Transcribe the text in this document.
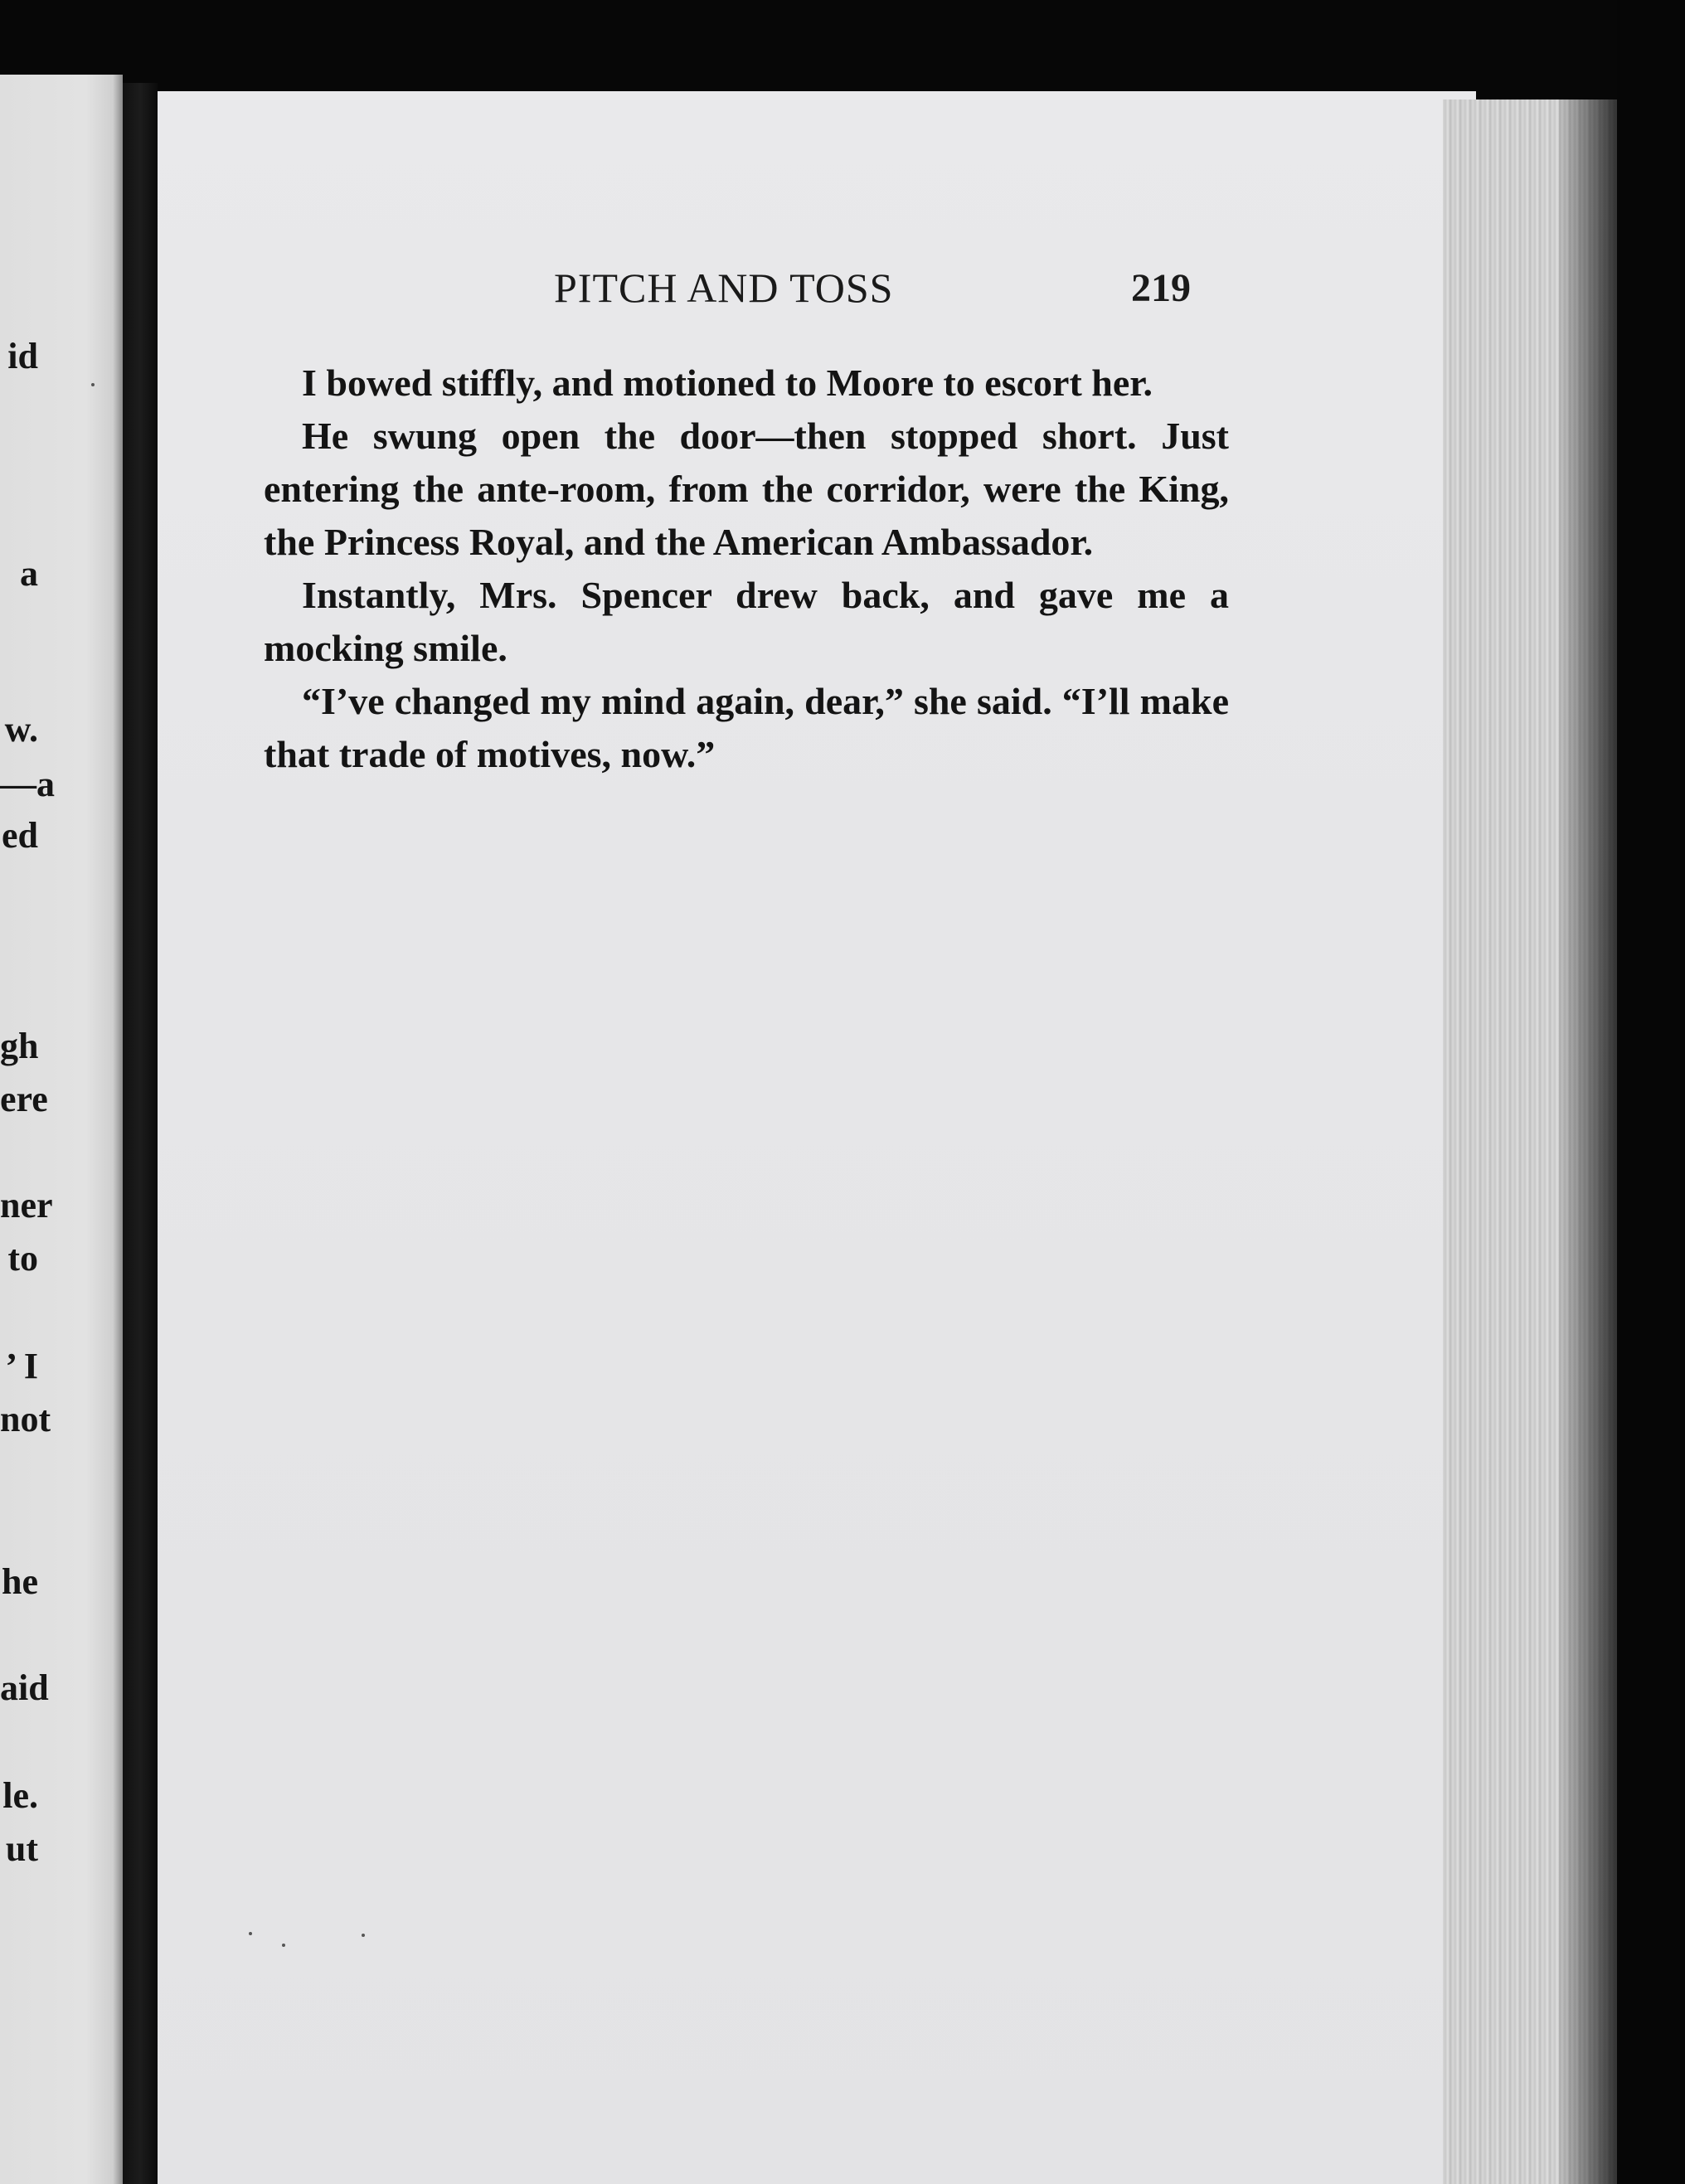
id
a
w.
—a
ed
gh
ere
ner
to
’ I
not
he
aid
le.
ut
PITCH AND TOSS	219

I bowed stiffly, and motioned to Moore to escort her.

He swung open the door—then stopped short. Just entering the ante-room, from the corridor, were the King, the Princess Royal, and the American Ambassador.

Instantly, Mrs. Spencer drew back, and gave me a mocking smile.

“I’ve changed my mind again, dear,” she said. “I’ll make that trade of motives, now.”
